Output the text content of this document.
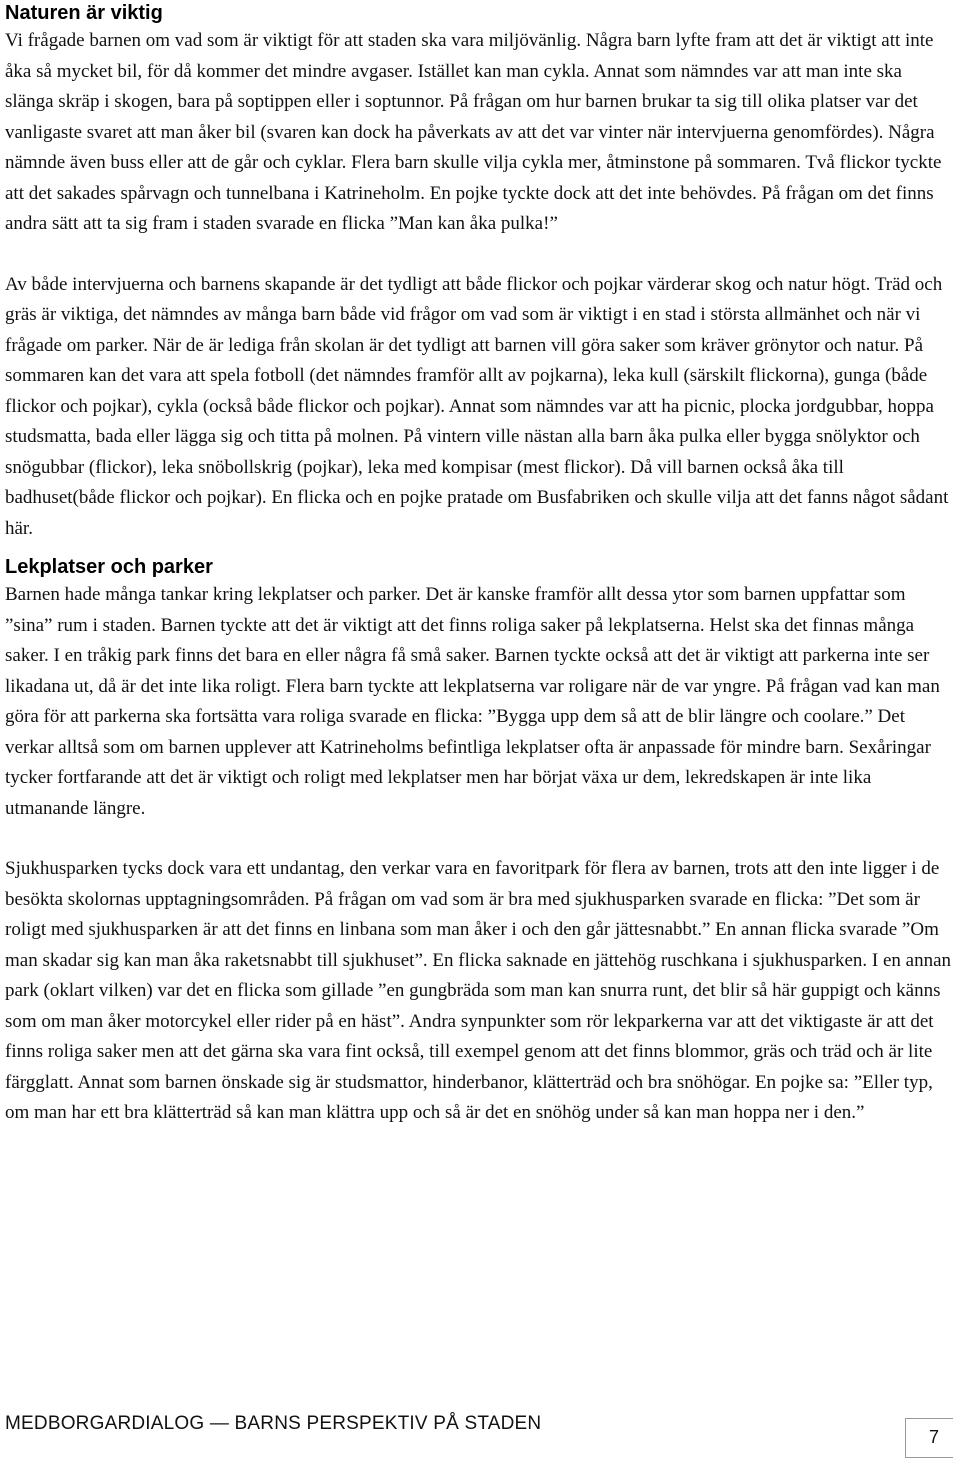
Naturen är viktig

Vi frågade barnen om vad som är viktigt för att staden ska vara miljövänlig. Några barn lyfte fram att det är viktigt att inte åka så mycket bil, för då kommer det mindre avgaser. Istället kan man cykla. Annat som nämndes var att man inte ska slänga skräp i skogen, bara på soptippen eller i soptunnor. På frågan om hur barnen brukar ta sig till olika platser var det vanligaste svaret att man åker bil (svaren kan dock ha påverkats av att det var vinter när intervjuerna genomfördes). Några nämnde även buss eller att de går och cyklar. Flera barn skulle vilja cykla mer, åtminstone på sommaren. Två flickor tyckte att det sakades spårvagn och tunnelbana i Katrineholm. En pojke tyckte dock att det inte behövdes. På frågan om det finns andra sätt att ta sig fram i staden svarade en flicka ”Man kan åka pulka!”

Av både intervjuerna och barnens skapande är det tydligt att både flickor och pojkar värderar skog och natur högt. Träd och gräs är viktiga, det nämndes av många barn både vid frågor om vad som är viktigt i en stad i största allmänhet och när vi frågade om parker. När de är lediga från skolan är det tydligt att barnen vill göra saker som kräver grönytor och natur. På sommaren kan det vara att spela fotboll (det nämndes framför allt av pojkarna), leka kull (särskilt flickorna), gunga (både flickor och pojkar), cykla (också både flickor och pojkar). Annat som nämndes var att ha picnic, plocka jordgubbar, hoppa studsmatta, bada eller lägga sig och titta på molnen. På vintern ville nästan alla barn åka pulka eller bygga snölyktor och snögubbar (flickor), leka snöbollskrig (pojkar), leka med kompisar (mest flickor). Då vill barnen också åka till badhuset(både flickor och pojkar). En flicka och en pojke pratade om Busfabriken och skulle vilja att det fanns något sådant här.

Lekplatser och parker

Barnen hade många tankar kring lekplatser och parker. Det är kanske framför allt dessa ytor som barnen uppfattar som ”sina” rum i staden. Barnen tyckte att det är viktigt att det finns roliga saker på lekplatserna. Helst ska det finnas många saker. I en tråkig park finns det bara en eller några få små saker. Barnen tyckte också att det är viktigt att parkerna inte ser likadana ut, då är det inte lika roligt. Flera barn tyckte att lekplatserna var roligare när de var yngre. På frågan vad kan man göra för att parkerna ska fortsätta vara roliga svarade en flicka: ”Bygga upp dem så att de blir längre och coolare.” Det verkar alltså som om barnen upplever att Katrineholms befintliga lekplatser ofta är anpassade för mindre barn. Sexåringar tycker fortfarande att det är viktigt och roligt med lekplatser men har börjat växa ur dem, lekredskapen är inte lika utmanande längre.

Sjukhusparken tycks dock vara ett undantag, den verkar vara en favoritpark för flera av barnen, trots att den inte ligger i de besökta skolornas upptagningsområden. På frågan om vad som är bra med sjukhusparken svarade en flicka: ”Det som är roligt med sjukhusparken är att det finns en linbana som man åker i och den går jättesnabbt.” En annan flicka svarade ”Om man skadar sig kan man åka raketsnabbt till sjukhuset”. En flicka saknade en jättehög ruschkana i sjukhusparken. I en annan park (oklart vilken) var det en flicka som gillade ”en gungbräda som man kan snurra runt, det blir så här guppigt och känns som om man åker motorcykel eller rider på en häst”. Andra synpunkter som rör lekparkerna var att det viktigaste är att det finns roliga saker men att det gärna ska vara fint också, till exempel genom att det finns blommor, gräs och träd och är lite färgglatt. Annat som barnen önskade sig är studsmattor, hinderbanor, klätterträd och bra snöhögar. En pojke sa: ”Eller typ, om man har ett bra klätterträd så kan man klättra upp och så är det en snöhög under så kan man hoppa ner i den.”

MEDBORGARDIALOG — BARNS PERSPEKTIV PÅ STADEN
7
